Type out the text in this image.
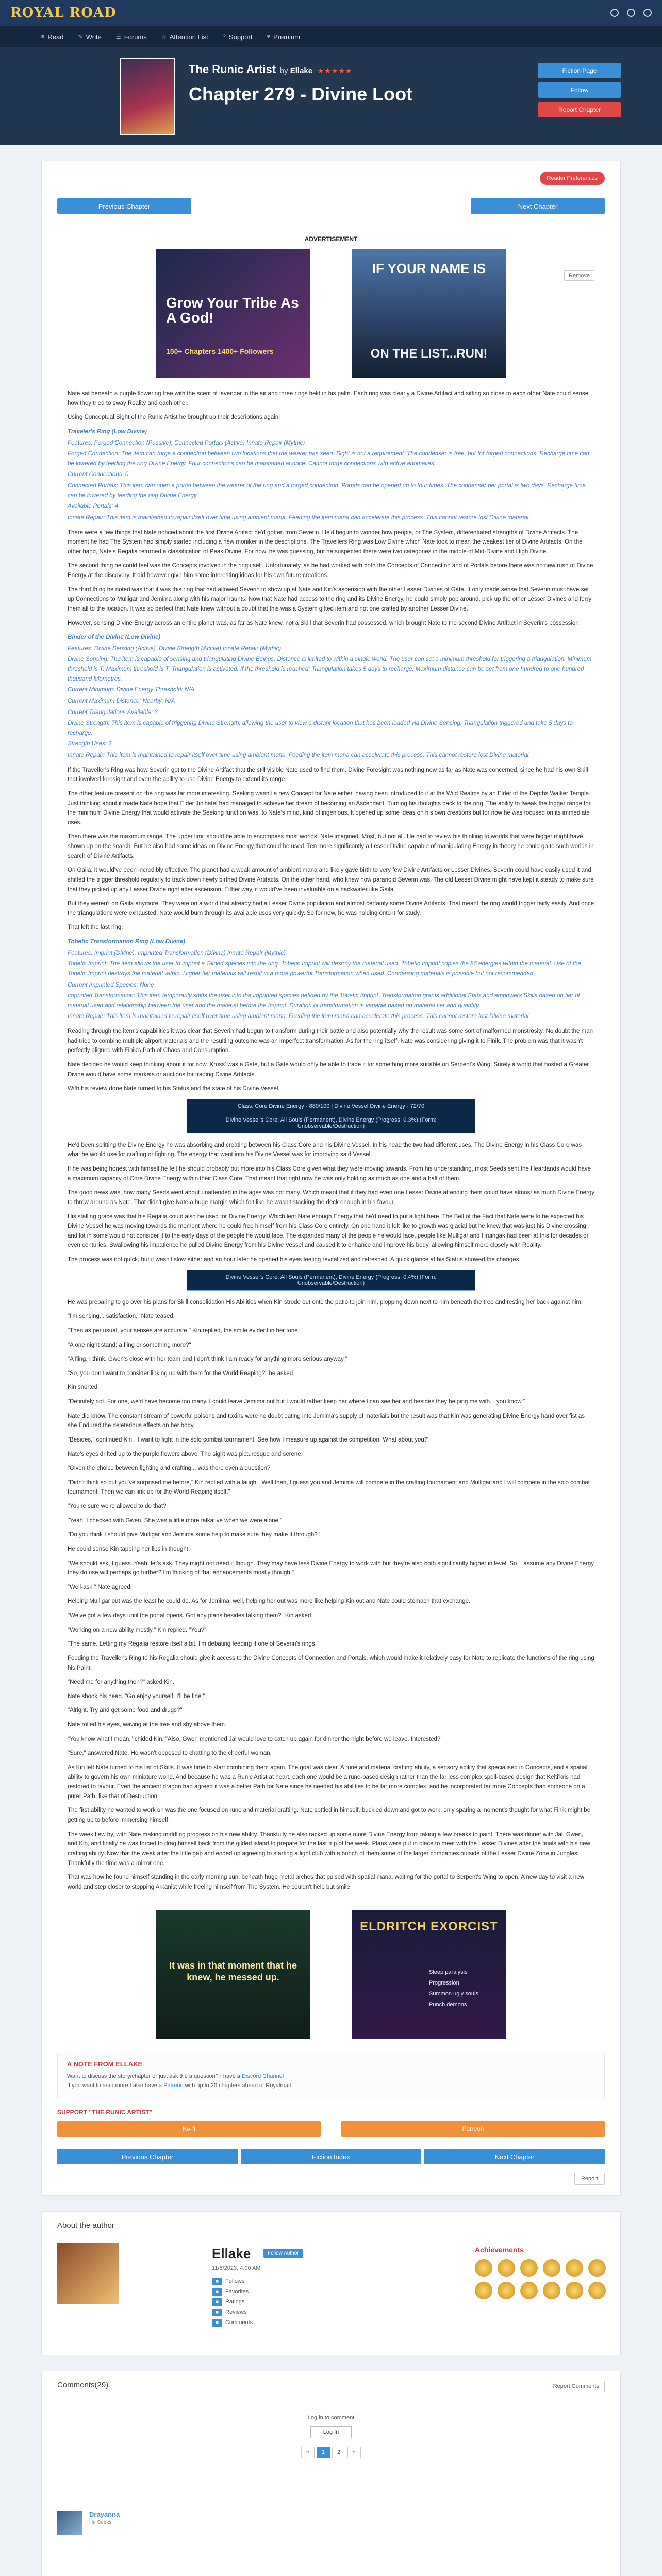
ROYAL ROAD
≡ Read	✎ Write	☰ Forums	☆ Attention List	? Support	♥ Premium
The Runic Artist by Ellake ★★★★★
Chapter 279 - Divine Loot
Fiction Page
Follow
Report Chapter
Reader Preferences
Previous Chapter	Next Chapter
ADVERTISEMENT
Remove
Grow Your Tribe As A God!
150+ Chapters 1400+ Followers
IF YOUR NAME IS
ON THE LIST...RUN!

Nate sat beneath a purple flowering tree with the scent of lavender in the air and three rings held in his palm. Each ring was clearly a Divine Artifact and sitting so close to each other Nate could sense how they tried to sway Reality and each other.

Using Conceptual Sight of the Runic Artist he brought up their descriptions again:

Traveler's Ring (Low Divine)

Features: Forged Connection (Passive), Connected Portals (Active) Innate Repair (Mythic)

Forged Connection: The item can forge a connection between two locations that the wearer has seen. Sight is not a requirement. The condenser is free, but for forged connections. Recharge time can be lowered by feeding the ring Divine Energy. Four connections can be maintained at once. Cannot forge connections with active anomalies.

Current Connections: 0

Connected Portals: This item can open a portal between the wearer of the ring and a forged connection. Portals can be opened up to four times. The condenser per portal is two days. Recharge time can be lowered by feeding the ring Divine Energy.

Available Portals: 4

Innate Repair: This item is maintained to repair itself over time using ambient mana. Feeding the item mana can accelerate this process. This cannot restore lost Divine material.

There were a few things that Nate noticed about the first Divine Artifact he'd gotten from Severin. He'd begun to wonder how people, or The System, differentiated strengths of Divine Artifacts. The moment he had The System had simply started including a new moniker in the descriptions. The Travellers Ring was Low Divine which Nate took to mean the weakest tier of Divine Artifacts. On the other hand, Nate's Regalia returned a classification of Peak Divine. For now, he was guessing, but he suspected there were two categories in the middle of Mid-Divine and High Divine.

The second thing he could feel was the Concepts involved in the ring itself. Unfortunately, as he had worked with both the Concepts of Connection and of Portals before there was no new rush of Divine Energy at the discovery. It did however give him some interesting ideas for his own future creations.

The third thing he noted was that it was this ring that had allowed Severin to show up at Nate and Kin's ascension with the other Lesser Divines of Gate. It only made sense that Severin must have set up Connections to Mulligar and Jemima along with his major haunts. Now that Nate had access to the ring and its Divine Energy, he could simply pop around, pick up the other Lesser Divines and ferry them all to the location. It was so perfect that Nate knew without a doubt that this was a System gifted item and not one crafted by another Lesser Divine.

However, sensing Divine Energy across an entire planet was, as far as Nate knew, not a Skill that Severin had possessed, which brought Nate to the second Divine Artifact in Severin's possession.

Binder of the Divine (Low Divine)

Features: Divine Sensing (Active), Divine Strength (Active) Innate Repair (Mythic)

Divine Sensing: The item is capable of sensing and triangulating Divine Beings. Distance is limited to within a single world. The user can set a minimum threshold for triggering a triangulation. Minimum threshold is T: Maximum threshold is T: Triangulation is activated. If the threshold is reached: Triangulation takes 5 days to recharge. Maximum distance can be set from one hundred to one hundred thousand kilometres.

Current Minimum: Divine Energy Threshold: N/A

Current Maximum Distance: Nearby: N/A

Current Triangulations Available: 3

Divine Strength: This item is capable of triggering Divine Strength, allowing the user to view a distant location that has been loaded via Divine Sensing. Triangulation triggered and take 5 days to recharge.

Strength Uses: 3

Innate Repair: This item is maintained to repair itself over time using ambient mana. Feeding the item mana can accelerate this process. This cannot restore lost Divine material.

If the Traveller's Ring was how Severin got to the Divine Artifact that the still visible Nate used to find them. Divine Foresight was nothing new as far as Nate was concerned, since he had his own Skill that involved foresight and even the ability to use Divine Energy to extend its range.

The other feature present on the ring was far more interesting. Seeking wasn't a new Concept for Nate either, having been introduced to it at the Wild Realms by an Elder of the Depths Walker Temple. Just thinking about it made Nate hope that Elder Jin'hatel had managed to achieve her dream of becoming an Ascendant. Turning his thoughts back to the ring. The ability to tweak the trigger range for the minimum Divine Energy that would activate the Seeking function was, to Nate's mind, kind of ingenious. It opened up some ideas on his own creations but for now he was focused on its immediate uses.

Then there was the maximum range. The upper limit should be able to encompass most worlds. Nate imagined. Most, but not all. He had to review his thinking to worlds that were bigger might have shown up on the search. But he also had some ideas on Divine Energy that could be used. Ten more significantly a Lesser Divine capable of manipulating Energy in theory he could go to such worlds in search of Divine Artifacts.

On Gaila, it would've been incredibly effective. The planet had a weak amount of ambient mana and likely gave birth to very few Divine Artifacts or Lesser Divines. Severin could have easily used it and shifted the trigger threshold regularly to track down newly birthed Divine Artifacts. On the other hand, who knew how paranoid Severin was. The old Lesser Divine might have kept it steady to make sure that they picked up any Lesser Divine right after ascension. Either way, it would've been invaluable on a backwater like Gaila.

But they weren't on Gaila anymore. They were on a world that already had a Lesser Divine population and almost certainly some Divine Artifacts. That meant the ring would trigger fairly easily. And once the triangulations were exhausted, Nate would burn through its available uses very quickly. So for now, he was holding onto it for study.

That left the last ring.

Tobetic Transformation Ring (Low Divine)

Features: Imprint (Divine), Imprinted Transformation (Divine) Innate Repair (Mythic)

Tobetic Imprint: The item allows the user to imprint a Gilded species into the ring. Tobetic Imprint will destroy the material used. Tobetic Imprint copies the 86 energies within the material. Use of the Tobetic Imprint destroys the material within. Higher tier materials will result in a more powerful Transformation when used. Condensing materials is possible but not recommended.

Current Imprinted Species: None

Imprinted Transformation: This item temporarily shifts the user into the imprinted species defined by the Tobetic Imprint. Transformation grants additional Stats and empowers Skills based on tier of material used and relationship between the user and the material before the Imprint. Duration of transformation is variable based on material tier and quantity.

Innate Repair: This item is maintained to repair itself over time using ambient mana. Feeding the item mana can accelerate this process. This cannot restore lost Divine material.

Reading through the item's capabilities it was clear that Severin had begun to transform during their battle and also potentially why the result was some sort of malformed monstrosity. No doubt the man had tried to combine multiple airport materials and the resulting outcome was an imperfect transformation. As for the ring itself, Nate was considering giving it to Finik. The problem was that it wasn't perfectly aligned with Finik's Path of Chaos and Consumption.

Nate decided he would keep thinking about it for now. Kruss' was a Gate, but a Gate would only be able to trade it for something more suitable on Serpent's Wing. Surely a world that hosted a Greater Divine would have some markets or auctions for trading Divine Artifacts.

With his review done Nate turned to his Status and the state of his Divine Vessel.

Class: Core Divine Energy - 880/100 | Divine Vessel Divine Energy - 72/70
Divine Vessel's Core: All Souls (Permanent), Divine Energy (Progress: 0.3%) (Form: Unobservable/Destruction)

He'd been splitting the Divine Energy he was absorbing and creating between his Class Core and his Divine Vessel. In his head the two had different uses. The Divine Energy in his Class Core was what he would use for crafting or fighting. The energy that went into his Divine Vessel was for improving said Vessel.

If he was being honest with himself he felt he should probably put more into his Class Core given what they were moving towards. From his understanding, most Seeds sent the Heartlands would have a maximum capacity of Core Divine Energy within their Class Core. That meant that right now he was only holding as much as one and a half of them.

The good news was, how many Seeds went about unattended in the ages was not many. Which meant that if they had even one Lesser Divine attending them could have almost as much Divine Energy to throw around as Nate. That didn't give Nate a huge margin which felt like he wasn't stacking the deck enough in his favour.

His stalling grace was that his Regalia could also be used for Divine Energy. Which lent Nate enough Energy that he'd need to put a fight here. The Bell of the Fact that Nate were to be expected his Divine Vessel he was moving towards the moment where he could free himself from his Class Core entirely. On one hand it felt like to growth was glacial but he knew that was just his Divine crossing and lot in some would not consider it to the early days of the people he would face. The expanded many of the people he would face, people like Mulligar and Hruingak had been at this for decades or even centuries. Swallowing his impatience he pulled Divine Energy from his Divine Vessel and caused it to enhance and improve his body, allowing himself more closely with Reality.

The process was not quick, but it wasn't slow either and an hour later he opened his eyes feeling revitalized and refreshed. A quick glance at his Status showed the changes.

Divine Vessel's Core: All Souls (Permanent), Divine Energy (Progress: 0.4%) (Form: Unobservable/Destruction)

He was preparing to go over his plans for Skill consolidation His Abilities when Kin strode out onto the patio to join him, plopping down next to him beneath the tree and resting her back against him.

"I'm sensing... satisfaction," Nate teased.

"Then as per usual, your senses are accurate," Kin replied, the smile evident in her tone.

"A one night stand; a fling or something more?"

"A fling, I think. Gwen's close with her team and I don't think I am ready for anything more serious anyway."

"So, you don't want to consider linking up with them for the World Reaping?" he asked.

Kin snorted.

"Definitely not. For one, we'd have become too many. I could leave Jemima out but I would rather keep her where I can see her and besides they helping me with... you know."

Nate did know. The constant stream of powerful poisons and toxins were no doubt eating into Jemima's supply of materials but the result was that Kin was generating Divine Energy hand over fist as she Endured the deleterious effects on her body.

"Besides," continued Kin. "I want to fight in the solo combat tournament. See how I measure up against the competition. What about you?"

Nate's eyes drifted up to the purple flowers above. The sight was picturesque and serene.

"Given the choice between fighting and crafting... was there even a question?"

"Didn't think so but you've surprised me before," Kin replied with a laugh. "Well then, I guess you and Jemima will compete in the crafting tournament and Mulligar and I will compete in the solo combat tournament. Then we can link up for the World Reaping itself."

"You're sure we're allowed to do that?"

"Yeah. I checked with Gwen. She was a little more talkative when we were alone."

"Do you think I should give Mulligar and Jemima some help to make sure they make it through?"

He could sense Kin tapping her lips in thought.

"We should ask, I guess. Yeah, let's ask. They might not need it though. They may have less Divine Energy to work with but they're also both significantly higher in level. So, I assume any Divine Energy they do use will perhaps go further? I'm thinking of that enhancements mostly though."

"Well-ask," Nate agreed.

Helping Mulligar out was the least he could do. As for Jemima, well, helping her out was more like helping Kin out and Nate could stomach that exchange.

"We've got a few days until the portal opens. Got any plans besides talking them?" Kin asked.

"Working on a new ability mostly," Kin replied. "You?"

"The same. Letting my Regalia restore itself a bit. I'm debating feeding it one of Severin's rings."

Feeding the Traveller's Ring to his Regalia should give it access to the Divine Concepts of Connection and Portals, which would make it relatively easy for Nate to replicate the functions of the ring using his Paint.

"Need me for anything then?" asked Kin.

Nate shook his head. "Go enjoy yourself. I'll be fine."

"Alright. Try and get some food and drugs?"

Nate rolled his eyes, waving at the tree and shy above them.

"You know what I mean," chided Kin. "Also, Gwen mentioned Jal would love to catch up again for dinner the night before we leave. Interested?"

"Sure," answered Nate. He wasn't opposed to chatting to the cheerful woman.

As Kin left Nate turned to his list of Skills. It was time to start combining them again. The goal was clear. A rune and material crafting ability, a sensory ability that specialised in Concepts, and a spatial ability to govern his own miniature world. And because he was a Runic Artist at heart, each one would be a rune-based design rather than the far less complex spell-based design that Kelti'kris had restored to favour. Even the ancient dragon had agreed it was a better Path for Nate since he needed his abilities to be far more complex, and he incorporated far more Concepts than someone on a purer Path, like that of Destruction.

The first ability he wanted to work on was the one focused on rune and material crafting. Nate settled in himself, buckled down and got to work, only sparing a moment's thought for what Finik might be getting up to before immersing himself.

The week flew by, with Nate making middling progress on his new ability. Thankfully he also racked up some more Divine Energy from taking a few breaks to paint. There was dinner with Jal, Gwen, and Kin, and finally he was forced to drag himself back from the gilded island to prepare for the last trip of the week. Plans were put in place to meet with the Lesser Divines after the finals with his new crafting ability. Now that the week after the little gap and ended up agreeing to starting a light club with a bunch of them some of the larger companies outside of the Lesser Divine Zone in Jungles. Thankfully the time was a mirror one.

That was how he found himself standing in the early morning sun, beneath huge metal arches that pulsed with spatial mana, waiting for the portal to Serpent's Wing to open. A new day to visit a new world and step closer to stopping Arkanist while freeing himself from The System. He couldn't help but smile.

It was in that moment that he knew, he messed up.
ELDRITCH EXORCIST
Sleep paralysis
Progression
Summon ugly souls
Punch demons
A NOTE FROM ELLAKE
Want to discuss the story/chapter or just ask the a question? I have a Discord Channel
If you want to read more I also have a Patreon with up to 20 chapters ahead of Royalroad.
SUPPORT "THE RUNIC ARTIST"
Ko-fi	Patreon
Previous Chapter	Fiction Index	Next Chapter
Report
About the author
Ellake	Follow Author
11/5/2023, 4:00 AM
■ Follows
■ Favorites
■ Ratings
■ Reviews
■ Comments
Achievements
Comments(29)	Report Comments
Log in to comment
Log In
«	1	2	»
Drayanna
He Seeks
